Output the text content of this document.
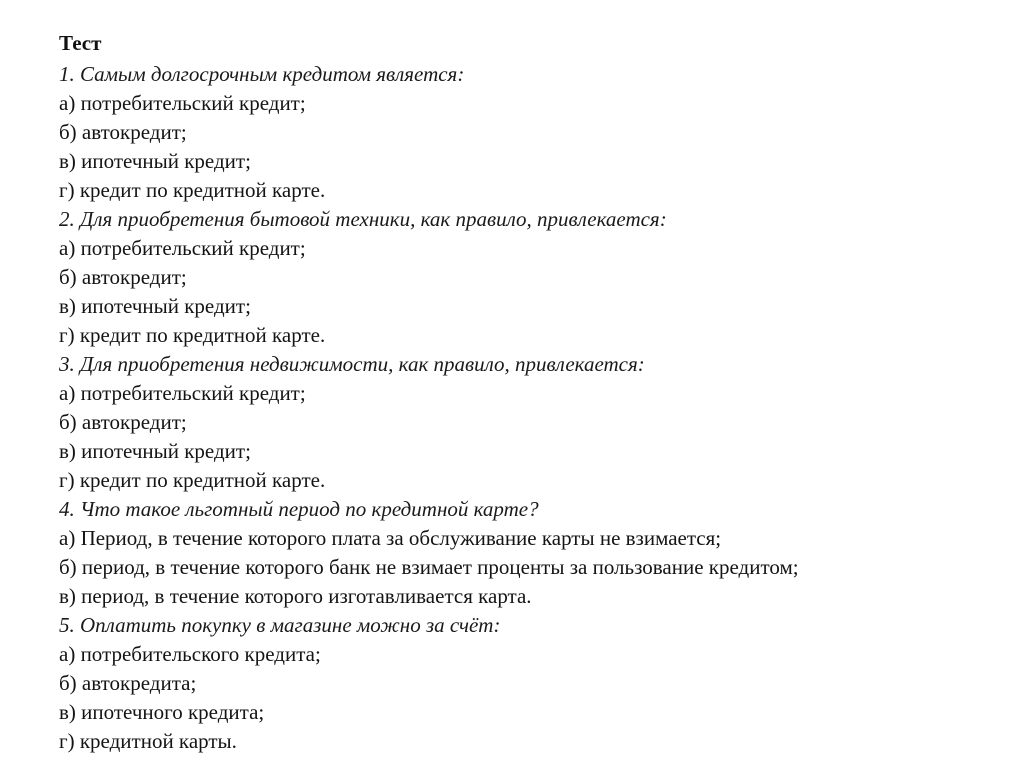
Тест
1. Самым долгосрочным кредитом является:
а) потребительский кредит;
б) автокредит;
в) ипотечный кредит;
г) кредит по кредитной карте.
2. Для приобретения бытовой техники, как правило, привлекается:
а) потребительский кредит;
б) автокредит;
в) ипотечный кредит;
г) кредит по кредитной карте.
3. Для приобретения недвижимости, как правило, привлекается:
а) потребительский кредит;
б) автокредит;
в) ипотечный кредит;
г) кредит по кредитной карте.
4. Что такое льготный период по кредитной карте?
а) Период, в течение которого плата за обслуживание карты не взимается;
б) период, в течение которого банк не взимает проценты за пользование кредитом;
в) период, в течение которого изготавливается карта.
5. Оплатить покупку в магазине можно за счёт:
а) потребительского кредита;
б) автокредита;
в) ипотечного кредита;
г) кредитной карты.
